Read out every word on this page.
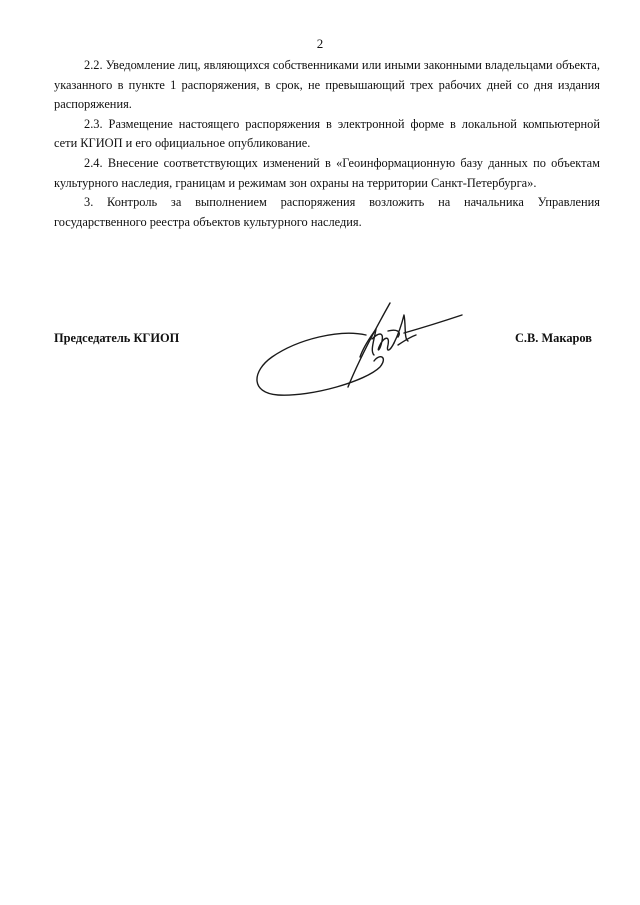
2

2.2. Уведомление лиц, являющихся собственниками или иными законными владельцами объекта, указанного в пункте 1 распоряжения, в срок, не превышающий трех рабочих дней со дня издания распоряжения.

2.3. Размещение настоящего распоряжения в электронной форме в локальной компьютерной сети КГИОП и его официальное опубликование.

2.4. Внесение соответствующих изменений в «Геоинформационную базу данных по объектам культурного наследия, границам и режимам зон охраны на территории Санкт-Петербурга».

3. Контроль за выполнением распоряжения возложить на начальника Управления государственного реестра объектов культурного наследия.

Председатель КГИОП	С.В. Макаров
